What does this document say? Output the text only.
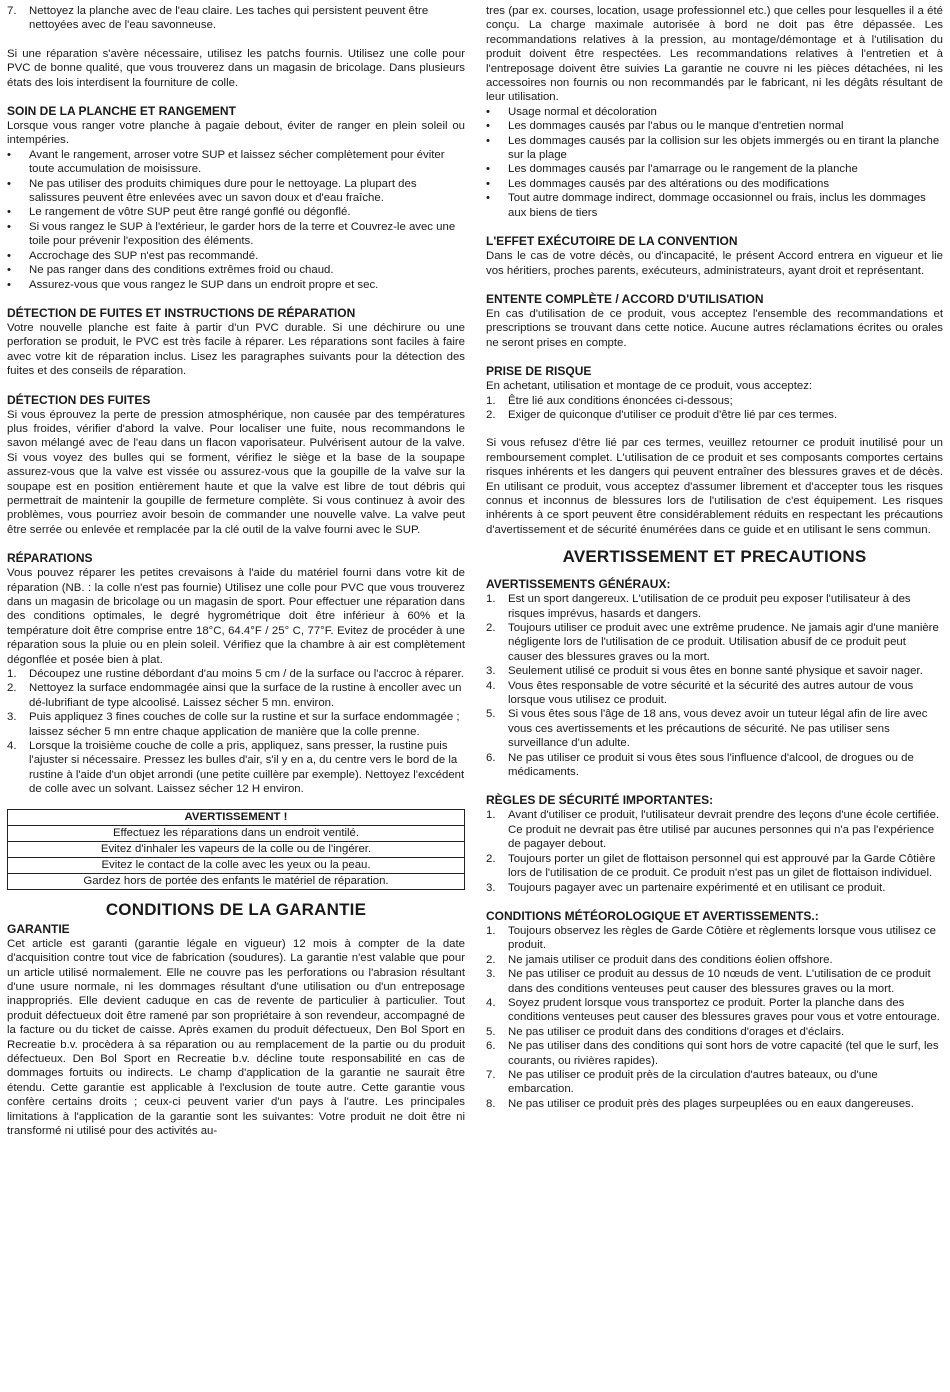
7.	Nettoyez la planche avec de l'eau claire. Les taches qui persistent peuvent être nettoyées avec de l'eau savonneuse.

Si une réparation s'avère nécessaire, utilisez les patchs fournis. Utilisez une colle pour PVC de bonne qualité, que vous trouverez dans un magasin de bricolage. Dans plusieurs états des lois interdisent la fourniture de colle.

SOIN DE LA PLANCHE ET RANGEMENT

Lorsque vous ranger votre planche à pagaie debout, éviter de ranger en plein soleil ou intempéries.

•	Avant le rangement, arroser votre SUP et laissez sécher complètement pour éviter toute accumulation de moisissure.
•	Ne pas utiliser des produits chimiques dure pour le nettoyage. La plupart des salissures peuvent être enlevées avec un savon doux et d'eau fraîche.
•	Le rangement de vôtre SUP peut être rangé gonflé ou dégonflé.
•	Si vous rangez le SUP à l'extérieur, le garder hors de la terre et Couvrez-le avec une toile pour prévenir l'exposition des éléments.
•	Accrochage des SUP n'est pas recommandé.
•	Ne pas ranger dans des conditions extrêmes froid ou chaud.
•	Assurez-vous que vous rangez le SUP dans un endroit propre et sec.
DÉTECTION DE FUITES ET INSTRUCTIONS DE RÉPARATION

Votre nouvelle planche est faite à partir d'un PVC durable. Si une déchirure ou une perforation se produit, le PVC est très facile à réparer. Les réparations sont faciles à faire avec votre kit de réparation inclus. Lisez les paragraphes suivants pour la détection des fuites et des conseils de réparation.

DÉTECTION DES FUITES

Si vous éprouvez la perte de pression atmosphérique, non causée par des températures plus froides, vérifier d'abord la valve. Pour localiser une fuite, nous recommandons le savon mélangé avec de l'eau dans un flacon vaporisateur. Pulvérisent autour de la valve. Si vous voyez des bulles qui se forment, vérifiez le siège et la base de la soupape assurez-vous que la valve est vissée ou assurez-vous que la goupille de la valve sur la soupape est en position entièrement haute et que la valve est libre de tout débris qui permettrait de maintenir la goupille de fermeture complète. Si vous continuez à avoir des problèmes, vous pourriez avoir besoin de commander une nouvelle valve. La valve peut être serrée ou enlevée et remplacée par la clé outil de la valve fourni avec le SUP.

RÉPARATIONS

Vous pouvez réparer les petites crevaisons à l'aide du matériel fourni dans votre kit de réparation (NB. : la colle n'est pas fournie) Utilisez une colle pour PVC que vous trouverez dans un magasin de bricolage ou un magasin de sport. Pour effectuer une réparation dans des conditions optimales, le degré hygrométrique doit être inférieur à 60% et la température doit être comprise entre 18°C, 64.4°F / 25° C, 77°F. Evitez de procéder à une réparation sous la pluie ou en plein soleil. Vérifiez que la chambre à air est complètement dégonflée et posée bien à plat.

1.	Découpez une rustine débordant d'au moins 5 cm / de la surface ou l'accroc à réparer.
2.	Nettoyez la surface endommagée ainsi que la surface de la rustine à encoller avec un dé-lubrifiant de type alcoolisé. Laissez sécher 5 mn. environ.
3.	Puis appliquez 3 fines couches de colle sur la rustine et sur la surface endommagée ; laissez sécher 5 mn entre chaque application de manière que la colle prenne.
4.	Lorsque la troisième couche de colle a pris, appliquez, sans presser, la rustine puis l'ajuster si nécessaire. Pressez les bulles d'air, s'il y en a, du centre vers le bord de la rustine à l'aide d'un objet arrondi (une petite cuillère par exemple). Nettoyez l'excédent de colle avec un solvant. Laissez sécher 12 H environ.
AVERTISSEMENT !
Effectuez les réparations dans un endroit ventilé.
Evitez d'inhaler les vapeurs de la colle ou de l'ingérer.
Evitez le contact de la colle avec les yeux ou la peau.
Gardez hors de portée des enfants le matériel de réparation.
CONDITIONS DE LA GARANTIE
GARANTIE

Cet article est garanti (garantie légale en vigueur) 12 mois à compter de la date d'acquisition contre tout vice de fabrication (soudures). La garantie n'est valable que pour un article utilisé normalement. Elle ne couvre pas les perforations ou l'abrasion résultant d'une usure normale, ni les dommages résultant d'une utilisation ou d'un entreposage inappropriés. Elle devient caduque en cas de revente de particulier à particulier. Tout produit défectueux doit être ramené par son propriétaire à son revendeur, accompagné de la facture ou du ticket de caisse. Après examen du produit défectueux, Den Bol Sport en Recreatie b.v. procèdera à sa réparation ou au remplacement de la partie ou du produit défectueux. Den Bol Sport en Recreatie b.v. décline toute responsabilité en cas de dommages fortuits ou indirects. Le champ d'application de la garantie ne saurait être étendu. Cette garantie est applicable à l'exclusion de toute autre. Cette garantie vous confère certains droits ; ceux-ci peuvent varier d'un pays à l'autre. Les principales limitations à l'application de la garantie sont les suivantes: Votre produit ne doit être ni transformé ni utilisé pour des activités au-

tres (par ex. courses, location, usage professionnel etc.) que celles pour lesquelles il a été conçu. La charge maximale autorisée à bord ne doit pas être dépassée. Les recommandations relatives à la pression, au montage/démontage et à l'utilisation du produit doivent être respectées. Les recommandations relatives à l'entretien et à l'entreposage doivent être suivies La garantie ne couvre ni les pièces détachées, ni les accessoires non fournis ou non recommandés par le fabricant, ni les dégâts résultant de leur utilisation.

•	Usage normal et décoloration
•	Les dommages causés par l'abus ou le manque d'entretien normal
•	Les dommages causés par la collision sur les objets immergés ou en tirant la planche sur la plage
•	Les dommages causés par l'amarrage ou le rangement de la planche
•	Les dommages causés par des altérations ou des modifications
•	Tout autre dommage indirect, dommage occasionnel ou frais, inclus les dommages aux biens de tiers
L'EFFET EXÉCUTOIRE DE LA CONVENTION

Dans le cas de votre décès, ou d'incapacité, le présent Accord entrera en vigueur et lie vos héritiers, proches parents, exécuteurs, administrateurs, ayant droit et représentant.

ENTENTE COMPLÈTE / ACCORD D'UTILISATION

En cas d'utilisation de ce produit, vous acceptez l'ensemble des recommandations et prescriptions se trouvant dans cette notice. Aucune autres réclamations écrites ou orales ne seront prises en compte.

PRISE DE RISQUE

En achetant, utilisation et montage de ce produit, vous acceptez:

1.	Être lié aux conditions énoncées ci-dessous;
2.	Exiger de quiconque d'utiliser ce produit d'être lié par ces termes.

Si vous refusez d'être lié par ces termes, veuillez retourner ce produit inutilisé pour un remboursement complet. L'utilisation de ce produit et ses composants comportes certains risques inhérents et les dangers qui peuvent entraîner des blessures graves et de décès. En utilisant ce produit, vous acceptez d'assumer librement et d'accepter tous les risques connus et inconnus de blessures lors de l'utilisation de c'est équipement. Les risques inhérents à ce sport peuvent être considérablement réduits en respectant les précautions d'avertissement et de sécurité énumérées dans ce guide et en utilisant le sens commun.

AVERTISSEMENT ET PRECAUTIONS
AVERTISSEMENTS GÉNÉRAUX:
1.	Est un sport dangereux. L'utilisation de ce produit peu exposer l'utilisateur à des risques imprévus, hasards et dangers.
2.	Toujours utiliser ce produit avec une extrême prudence. Ne jamais agir d'une manière négligente lors de l'utilisation de ce produit. Utilisation abusif de ce produit peut causer des blessures graves ou la mort.
3.	Seulement utilisé ce produit si vous êtes en bonne santé physique et savoir nager.
4.	Vous êtes responsable de votre sécurité et la sécurité des autres autour de vous lorsque vous utilisez ce produit.
5.	Si vous êtes sous l'âge de 18 ans, vous devez avoir un tuteur légal afin de lire avec vous ces avertissements et les précautions de sécurité. Ne pas utiliser sens surveillance d'un adulte.
6.	Ne pas utiliser ce produit si vous êtes sous l'influence d'alcool, de drogues ou de médicaments.
RÈGLES DE SÉCURITÉ IMPORTANTES:
1.	Avant d'utiliser ce produit, l'utilisateur devrait prendre des leçons d'une école certifiée. Ce produit ne devrait pas être utilisé par aucunes personnes qui n'a pas l'expérience de pagayer debout.
2.	Toujours porter un gilet de flottaison personnel qui est approuvé par la Garde Côtière lors de l'utilisation de ce produit. Ce produit n'est pas un gilet de flottaison individuel.
3.	Toujours pagayer avec un partenaire expérimenté et en utilisant ce produit.
CONDITIONS MÉTÉOROLOGIQUE ET AVERTISSEMENTS.:
1.	Toujours observez les règles de Garde Côtière et règlements lorsque vous utilisez ce produit.
2.	Ne jamais utiliser ce produit dans des conditions éolien offshore.
3.	Ne pas utiliser ce produit au dessus de 10 nœuds de vent. L'utilisation de ce produit dans des conditions venteuses peut causer des blessures graves ou la mort.
4.	Soyez prudent lorsque vous transportez ce produit. Porter la planche dans des conditions venteuses peut causer des blessures graves pour vous et votre entourage.
5.	Ne pas utiliser ce produit dans des conditions d'orages et d'éclairs.
6.	Ne pas utiliser dans des conditions qui sont hors de votre capacité (tel que le surf, les courants, ou rivières rapides).
7.	Ne pas utiliser ce produit près de la circulation d'autres bateaux, ou d'une embarcation.
8.	Ne pas utiliser ce produit près des plages surpeuplées ou en eaux dangereuses.
